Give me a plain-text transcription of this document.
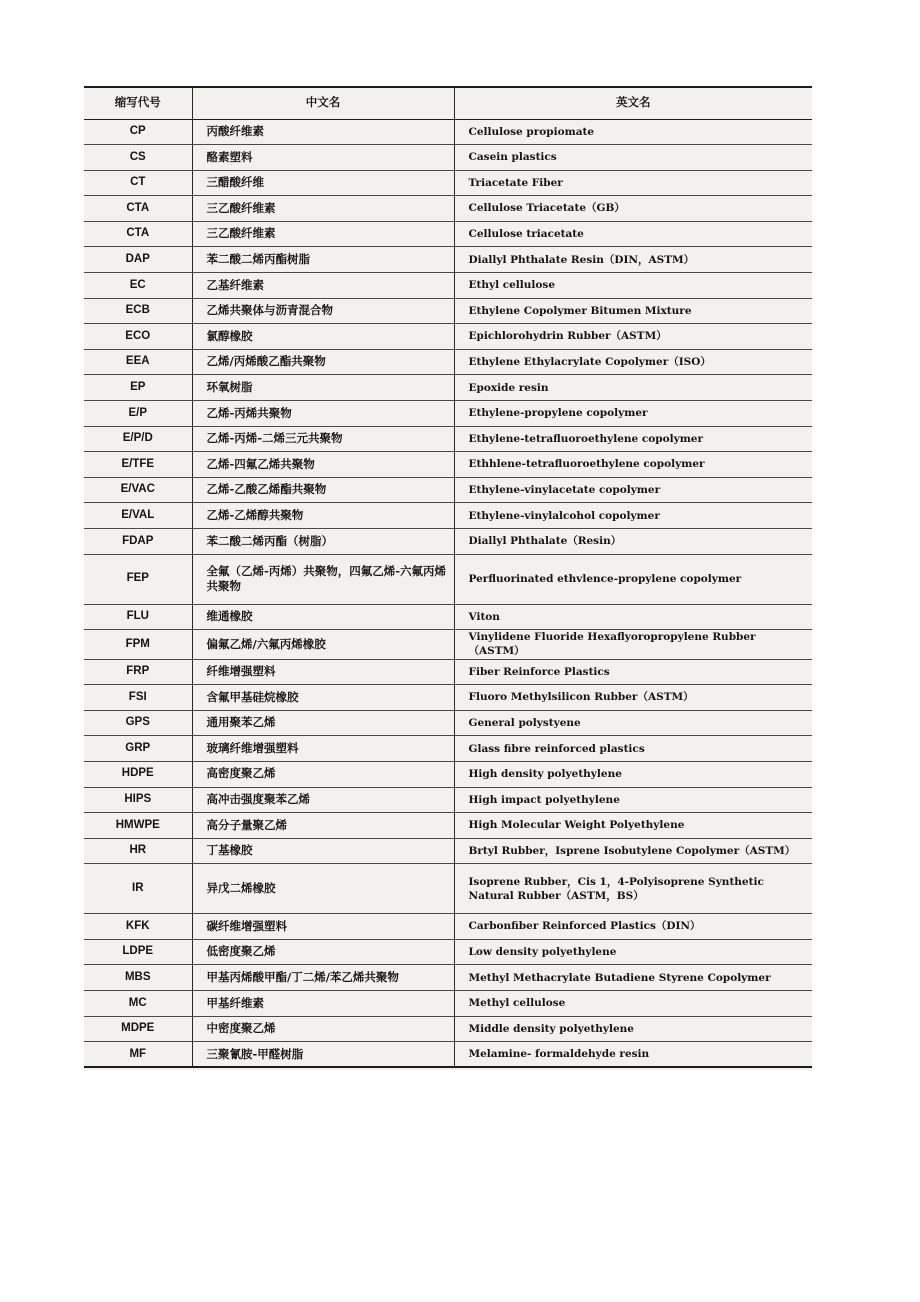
缩写代号	中文名	英文名
CP	丙酸纤维素	Cellulose propiomate
CS	酪素塑料	Casein plastics
CT	三醋酸纤维	Triacetate Fiber
CTA	三乙酸纤维素	Cellulose Triacetate（GB）
CTA	三乙酸纤维素	Cellulose triacetate
DAP	苯二酸二烯丙酯树脂	Diallyl Phthalate Resin（DIN，ASTM）
EC	乙基纤维素	Ethyl cellulose
ECB	乙烯共聚体与沥青混合物	Ethylene Copolymer Bitumen Mixture
ECO	氯醇橡胶	Epichlorohydrin Rubber（ASTM）
EEA	乙烯/丙烯酸乙酯共聚物	Ethylene Ethylacrylate Copolymer（ISO）
EP	环氧树脂	Epoxide resin
E/P	乙烯-丙烯共聚物	Ethylene-propylene copolymer
E/P/D	乙烯-丙烯-二烯三元共聚物	Ethylene-tetrafluoroethylene copolymer
E/TFE	乙烯-四氟乙烯共聚物	Ethhlene-tetrafluoroethylene copolymer
E/VAC	乙烯-乙酸乙烯酯共聚物	Ethylene-vinylacetate copolymer
E/VAL	乙烯-乙烯醇共聚物	Ethylene-vinylalcohol copolymer
FDAP	苯二酸二烯丙酯（树脂）	Diallyl Phthalate（Resin）
FEP	全氟（乙烯-丙烯）共聚物，四氟乙烯-六氟丙烯共聚物	Perfluorinated ethvlence-propylene copolymer
FLU	维通橡胶	Viton
FPM	偏氟乙烯/六氟丙烯橡胶	Vinylidene Fluoride Hexaflyoropropylene Rubber（ASTM）
FRP	纤维增强塑料	Fiber Reinforce Plastics
FSI	含氟甲基硅烷橡胶	Fluoro Methylsilicon Rubber（ASTM）
GPS	通用聚苯乙烯	General polystyene
GRP	玻璃纤维增强塑料	Glass fibre reinforced plastics
HDPE	高密度聚乙烯	High density polyethylene
HIPS	高冲击强度聚苯乙烯	High impact polyethylene
HMWPE	高分子量聚乙烯	High Molecular Weight Polyethylene
HR	丁基橡胶	Brtyl Rubber，Isprene Isobutylene Copolymer（ASTM）
IR	异戊二烯橡胶	Isoprene Rubber，Cis 1，4-Polyisoprene Synthetic Natural Rubber（ASTM，BS）
KFK	碳纤维增强塑料	Carbonfiber Reinforced Plastics（DIN）
LDPE	低密度聚乙烯	Low density polyethylene
MBS	甲基丙烯酸甲酯/丁二烯/苯乙烯共聚物	Methyl Methacrylate Butadiene Styrene Copolymer
MC	甲基纤维素	Methyl cellulose
MDPE	中密度聚乙烯	Middle density polyethylene
MF	三聚氰胺-甲醛树脂	Melamine- formaldehyde resin
